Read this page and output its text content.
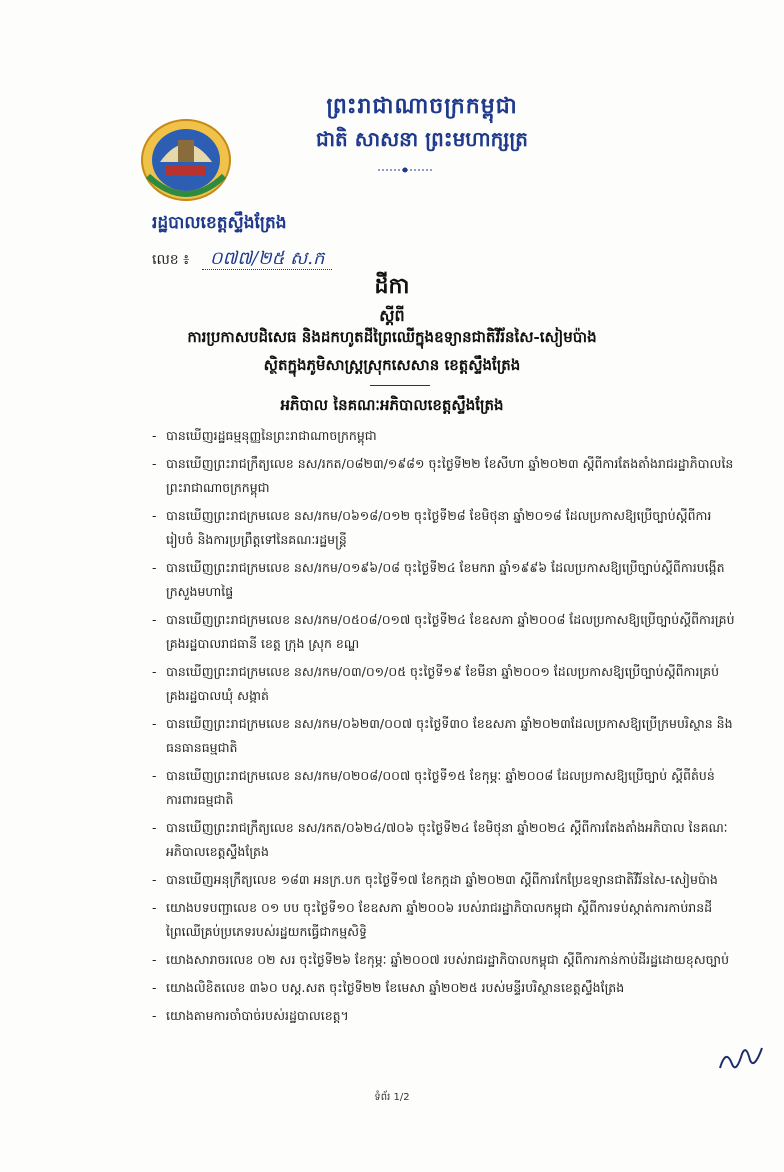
ព្រះរាជាណាចក្រកម្ពុជា
ជាតិ សាសនា ព្រះមហាក្សត្រ
រដ្ឋបាលខេត្តស្ទឹងត្រែង
លេខ ៖ ០៧៧/២៥ ស.ក
ដីកា
ស្តីពី
ការប្រកាសបដិសេធ និងដកហូតដីព្រៃឈើក្នុងឧទ្យានជាតិវីរ័ន​សៃ-សៀមប៉ាង
ស្ថិតក្នុងភូមិសាស្ត្រស្រុកសេសាន ខេត្តស្ទឹងត្រែង
អភិបាល នៃគណៈអភិបាលខេត្តស្ទឹងត្រែង
- បានឃើញរដ្ឋធម្មនុញ្ញនៃព្រះរាជាណាចក្រកម្ពុជា
- បានឃើញព្រះរាជក្រឹត្យលេខ នស/រកត/០៨២៣/១៩៨១ ចុះថ្ងៃទី២២ ខែសីហា ឆ្នាំ២០២៣ ស្តីពីការតែងតាំងរាជរដ្ឋាភិបាលនៃព្រះរាជាណាចក្រកម្ពុជា
- បានឃើញព្រះរាជក្រមលេខ នស/រកម/០៦១៨/០១២ ចុះថ្ងៃទី២៨ ខែមិថុនា ឆ្នាំ២០១៨ ដែលប្រកាសឱ្យប្រើច្បាប់ស្តីពីការរៀបចំ និងការប្រព្រឹត្តទៅនៃគណៈរដ្ឋមន្ត្រី
- បានឃើញព្រះរាជក្រមលេខ នស/រកម/០១៩៦/០៨ ចុះថ្ងៃទី២៤ ខែមករា ឆ្នាំ១៩៩៦ ដែលប្រកាសឱ្យប្រើច្បាប់ស្តីពីការបង្កើតក្រសួងមហាផ្ទៃ
- បានឃើញព្រះរាជក្រមលេខ នស/រកម/០៥០៨/០១៧ ចុះថ្ងៃទី២៤ ខែឧសភា ឆ្នាំ២០០៨ ដែលប្រកាសឱ្យប្រើច្បាប់ស្តីពីការគ្រប់គ្រងរដ្ឋបាលរាជធានី ខេត្ត ក្រុង ស្រុក ខណ្ឌ
- បានឃើញព្រះរាជក្រមលេខ នស/រកម/០៣/០១/០៥ ចុះថ្ងៃទី១៩ ខែមីនា ឆ្នាំ២០០១ ដែលប្រកាសឱ្យប្រើច្បាប់ស្តីពីការគ្រប់គ្រងរដ្ឋបាលឃុំ សង្កាត់
- បានឃើញព្រះរាជក្រមលេខ នស/រកម/០៦២៣/០០៧ ចុះថ្ងៃទី៣០ ខែឧសភា ឆ្នាំ២០២៣ដែលប្រកាសឱ្យប្រើក្រមបរិស្ថាន និងធនធានធម្មជាតិ
- បានឃើញព្រះរាជក្រមលេខ នស/រកម/០២០៨/០០៧ ចុះថ្ងៃទី១៥ ខែកុម្ភៈ ឆ្នាំ២០០៨ ដែលប្រកាសឱ្យប្រើច្បាប់ ស្តីពីតំបន់ការពារធម្មជាតិ
- បានឃើញព្រះរាជក្រឹត្យលេខ នស/រកត/០៦២៤/៧០៦ ចុះថ្ងៃទី២៤ ខែមិថុនា ឆ្នាំ២០២៤ ស្តីពីការតែងតាំងអភិបាល នៃគណៈអភិបាលខេត្តស្ទឹងត្រែង
- បានឃើញអនុក្រឹត្យលេខ ១៨៣ អនក្រ.បក ចុះថ្ងៃទី១៧ ខែកក្កដា ឆ្នាំ២០២៣ ស្តីពីការកែប្រែឧទ្យានជាតិវីរ័នសៃ-សៀមប៉ាង
- យោងបទបញ្ជាលេខ ០១ បប ចុះថ្ងៃទី១០ ខែឧសភា ឆ្នាំ២០០៦ របស់រាជរដ្ឋាភិបាលកម្ពុជា ស្តីពីការទប់ស្កាត់ការកាប់រានដីព្រៃឈើគ្រប់ប្រភេទរបស់រដ្ឋយកធ្វើជាកម្មសិទ្ធិ
- យោងសារាចរលេខ ០២ សរ ចុះថ្ងៃទី២៦ ខែកុម្ភៈ ឆ្នាំ២០០៧ របស់រាជរដ្ឋាភិបាលកម្ពុជា ស្តីពីការកាន់កាប់ដីរដ្ឋដោយខុសច្បាប់
- យោងលិខិតលេខ ៣៦០ បស្ត.សត ចុះថ្ងៃទី២២ ខែមេសា ឆ្នាំ២០២៥ របស់មន្ទីរបរិស្ថានខេត្តស្ទឹងត្រែង
- យោងតាមការចាំបាច់របស់រដ្ឋបាលខេត្ត។
ទំព័រ 1/2
